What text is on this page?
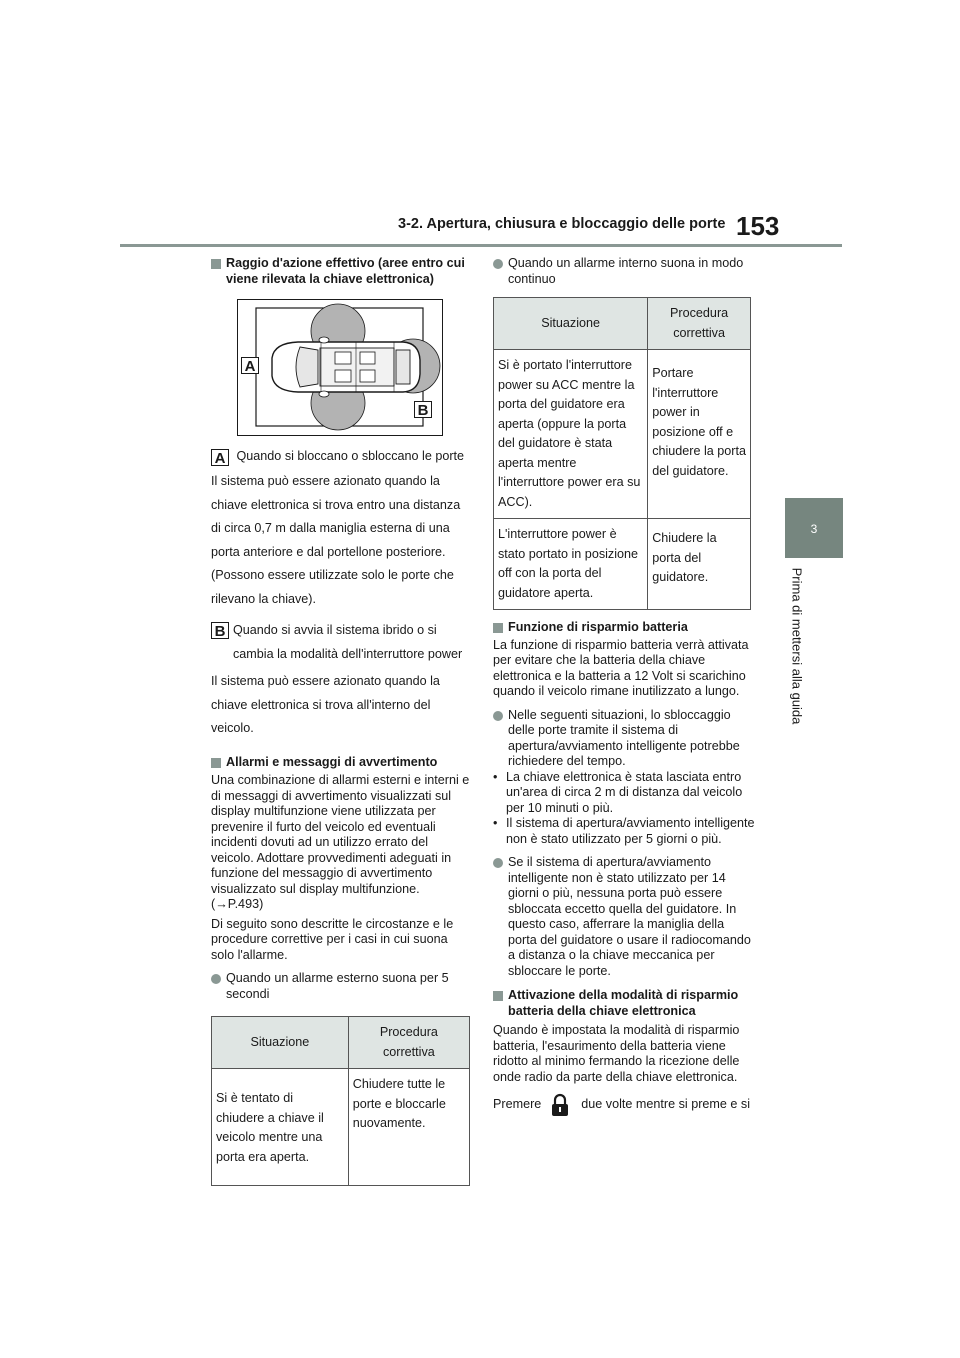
3-2. Apertura, chiusura e bloccaggio delle porte 153
3
Prima di mettersi alla guida
Raggio d'azione effettivo (aree entro cui viene rilevata la chiave elettronica)
A
B
A Quando si bloccano o sbloccano le porte

Il sistema può essere azionato quando la chiave elettronica si trova entro una distanza di circa 0,7 m dalla maniglia esterna di una porta anteriore e dal portellone posteriore. (Possono essere utilizzate solo le porte che rilevano la chiave).

B Quando si avvia il sistema ibrido o si cambia la modalità dell'interruttore power

Il sistema può essere azionato quando la chiave elettronica si trova all'interno del veicolo.

Allarmi e messaggi di avvertimento

Una combinazione di allarmi esterni e interni e di messaggi di avvertimento visualizzati sul display multifunzione viene utilizzata per prevenire il furto del veicolo ed eventuali incidenti dovuti ad un utilizzo errato del veicolo. Adottare provvedimenti adeguati in funzione del messaggio di avvertimento visualizzato sul display multifunzione. (→P.493)

Di seguito sono descritte le circostanze e le procedure correttive per i casi in cui suona solo l'allarme.

Quando un allarme esterno suona per 5 secondi
Situazione	Procedura correttiva
Si è tentato di chiudere a chiave il veicolo mentre una porta era aperta.	Chiudere tutte le porte e bloccarle nuovamente.
Quando un allarme interno suona in modo continuo
Situazione	Procedura correttiva
Si è portato l'interruttore power su ACC mentre la porta del guidatore era aperta (oppure la porta del guidatore è stata aperta mentre l'interruttore power era su ACC).	Portare l'interruttore power in posizione off e chiudere la porta del guidatore.
L'interruttore power è stato portato in posizione off con la porta del guidatore aperta.	Chiudere la porta del guidatore.
Funzione di risparmio batteria

La funzione di risparmio batteria verrà attivata per evitare che la batteria della chiave elettronica e la batteria a 12 Volt si scarichino quando il veicolo rimane inutilizzato a lungo.

Nelle seguenti situazioni, lo sbloccaggio delle porte tramite il sistema di apertura/avviamento intelligente potrebbe richiedere del tempo.
• La chiave elettronica è stata lasciata entro un'area di circa 2 m di distanza dal veicolo per 10 minuti o più.
• Il sistema di apertura/avviamento intelligente non è stato utilizzato per 5 giorni o più.
Se il sistema di apertura/avviamento intelligente non è stato utilizzato per 14 giorni o più, nessuna porta può essere sbloccata eccetto quella del guidatore. In questo caso, afferrare la maniglia della porta del guidatore o usare il radiocomando a distanza o la chiave meccanica per sbloccare le porte.
Attivazione della modalità di risparmio batteria della chiave elettronica

Quando è impostata la modalità di risparmio batteria, l'esaurimento della batteria viene ridotto al minimo fermando la ricezione delle onde radio da parte della chiave elettronica.

Premere	due volte mentre si preme e si
